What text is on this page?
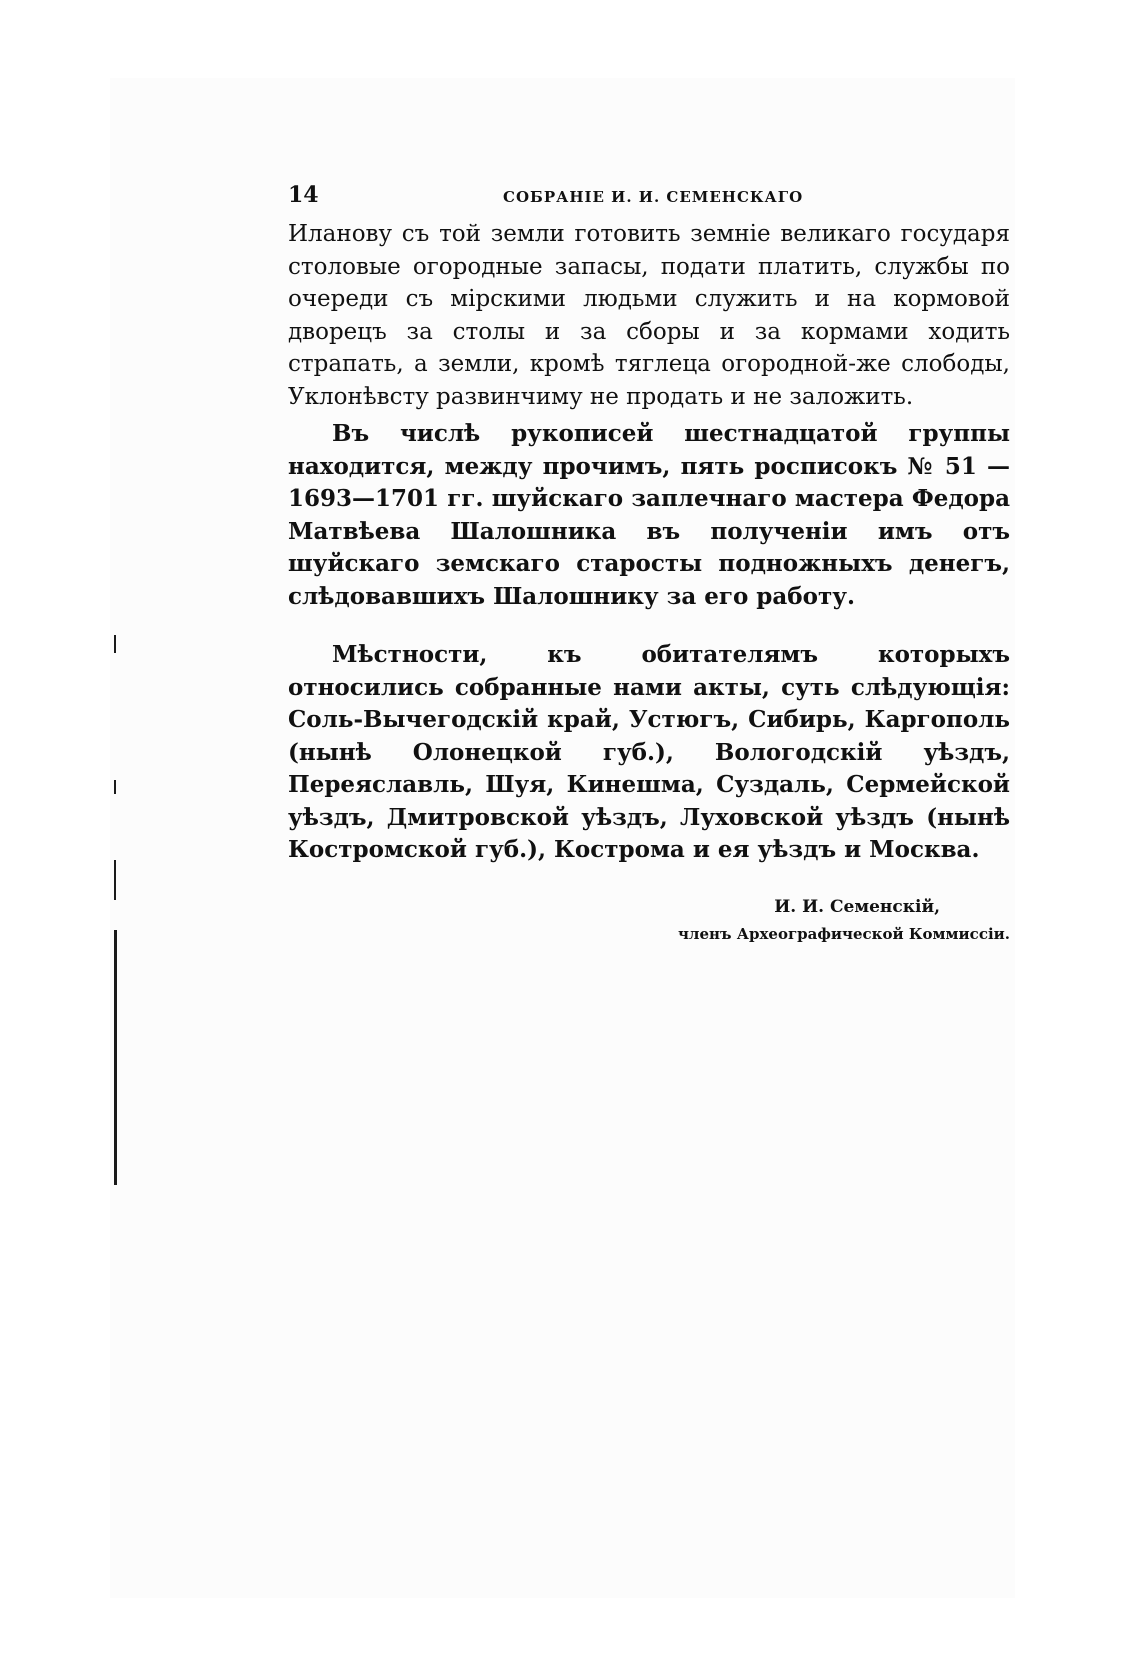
14	СОБРАНІЕ И. И. СЕМЕНСКАГО

Иланову съ той земли готовить земніе великаго государя столовые огородные запасы, подати платить, службы по очереди съ мірскими людьми служить и на кормовой дворецъ за столы и за сборы и за кормами ходить страпать, а земли, кромѣ тяглеца огородной-же слободы, Уклонѣвсту развинчиму не продать и не заложить.

Въ числѣ рукописей шестнадцатой группы находится, между прочимъ, пять росписокъ № 51 — 1693—1701 гг. шуйскаго заплечнаго мастера Федора Матвѣева Шалошника въ полученіи имъ отъ шуйскаго земскаго старосты подножныхъ денегъ, слѣдовавшихъ Шалошнику за его работу.

Мѣстности, къ обитателямъ которыхъ относились собранные нами акты, суть слѣдующія: Соль-Вычегодскій край, Устюгъ, Сибирь, Каргополь (нынѣ Олонецкой губ.), Вологодскій уѣздъ, Переяславль, Шуя, Кинешма, Суздаль, Сермейской уѣздъ, Дмитровской уѣздъ, Луховской уѣздъ (нынѣ Костромской губ.), Кострома и ея уѣздъ и Москва.

И. И. Семенскій,
членъ Археографической Коммиссіи.
